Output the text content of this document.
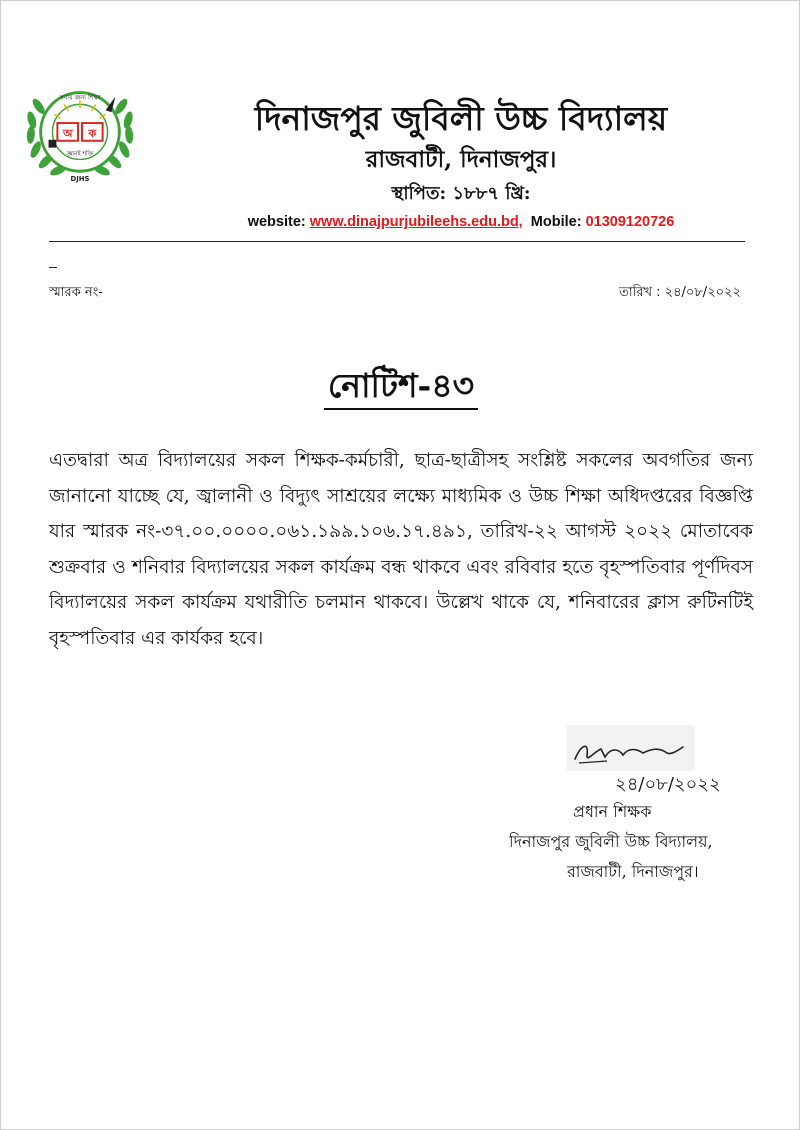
অ ক
সবার জন্য শিক্ষা
জ্ঞানই শক্তি
DJHS
দিনাজপুর জুবিলী উচ্চ বিদ্যালয়
রাজবাটী, দিনাজপুর।
স্থাপিত: ১৮৮৭ খ্রি:
website: www.dinajpurjubileehs.edu.bd, Mobile: 01309120726
স্মারক নং-	তারিখ : ২৪/০৮/২০২২
নোটিশ-৪৩
এতদ্বারা অত্র বিদ্যালয়ের সকল শিক্ষক-কর্মচারী, ছাত্র-ছাত্রীসহ সংশ্লিষ্ট সকলের অবগতির জন্য জানানো যাচ্ছে যে, জ্বালানী ও বিদ্যুৎ সাশ্রয়ের লক্ষ্যে মাধ্যমিক ও উচ্চ শিক্ষা অধিদপ্তরের বিজ্ঞপ্তি যার স্মারক নং-৩৭.০০.০০০০.০৬১.১৯৯.১০৬.১৭.৪৯১, তারিখ-২২ আগস্ট ২০২২ মোতাবেক শুক্রবার ও শনিবার বিদ্যালয়ের সকল কার্যক্রম বন্ধ থাকবে এবং রবিবার হতে বৃহস্পতিবার পূর্ণদিবস বিদ্যালয়ের সকল কার্যক্রম যথারীতি চলমান থাকবে। উল্লেখ থাকে যে, শনিবারের ক্লাস রুটিনটিই বৃহস্পতিবার এর কার্যকর হবে।
২৪/০৮/২০২২
প্রধান শিক্ষক
দিনাজপুর জুবিলী উচ্চ বিদ্যালয়,
রাজবাটী, দিনাজপুর।
